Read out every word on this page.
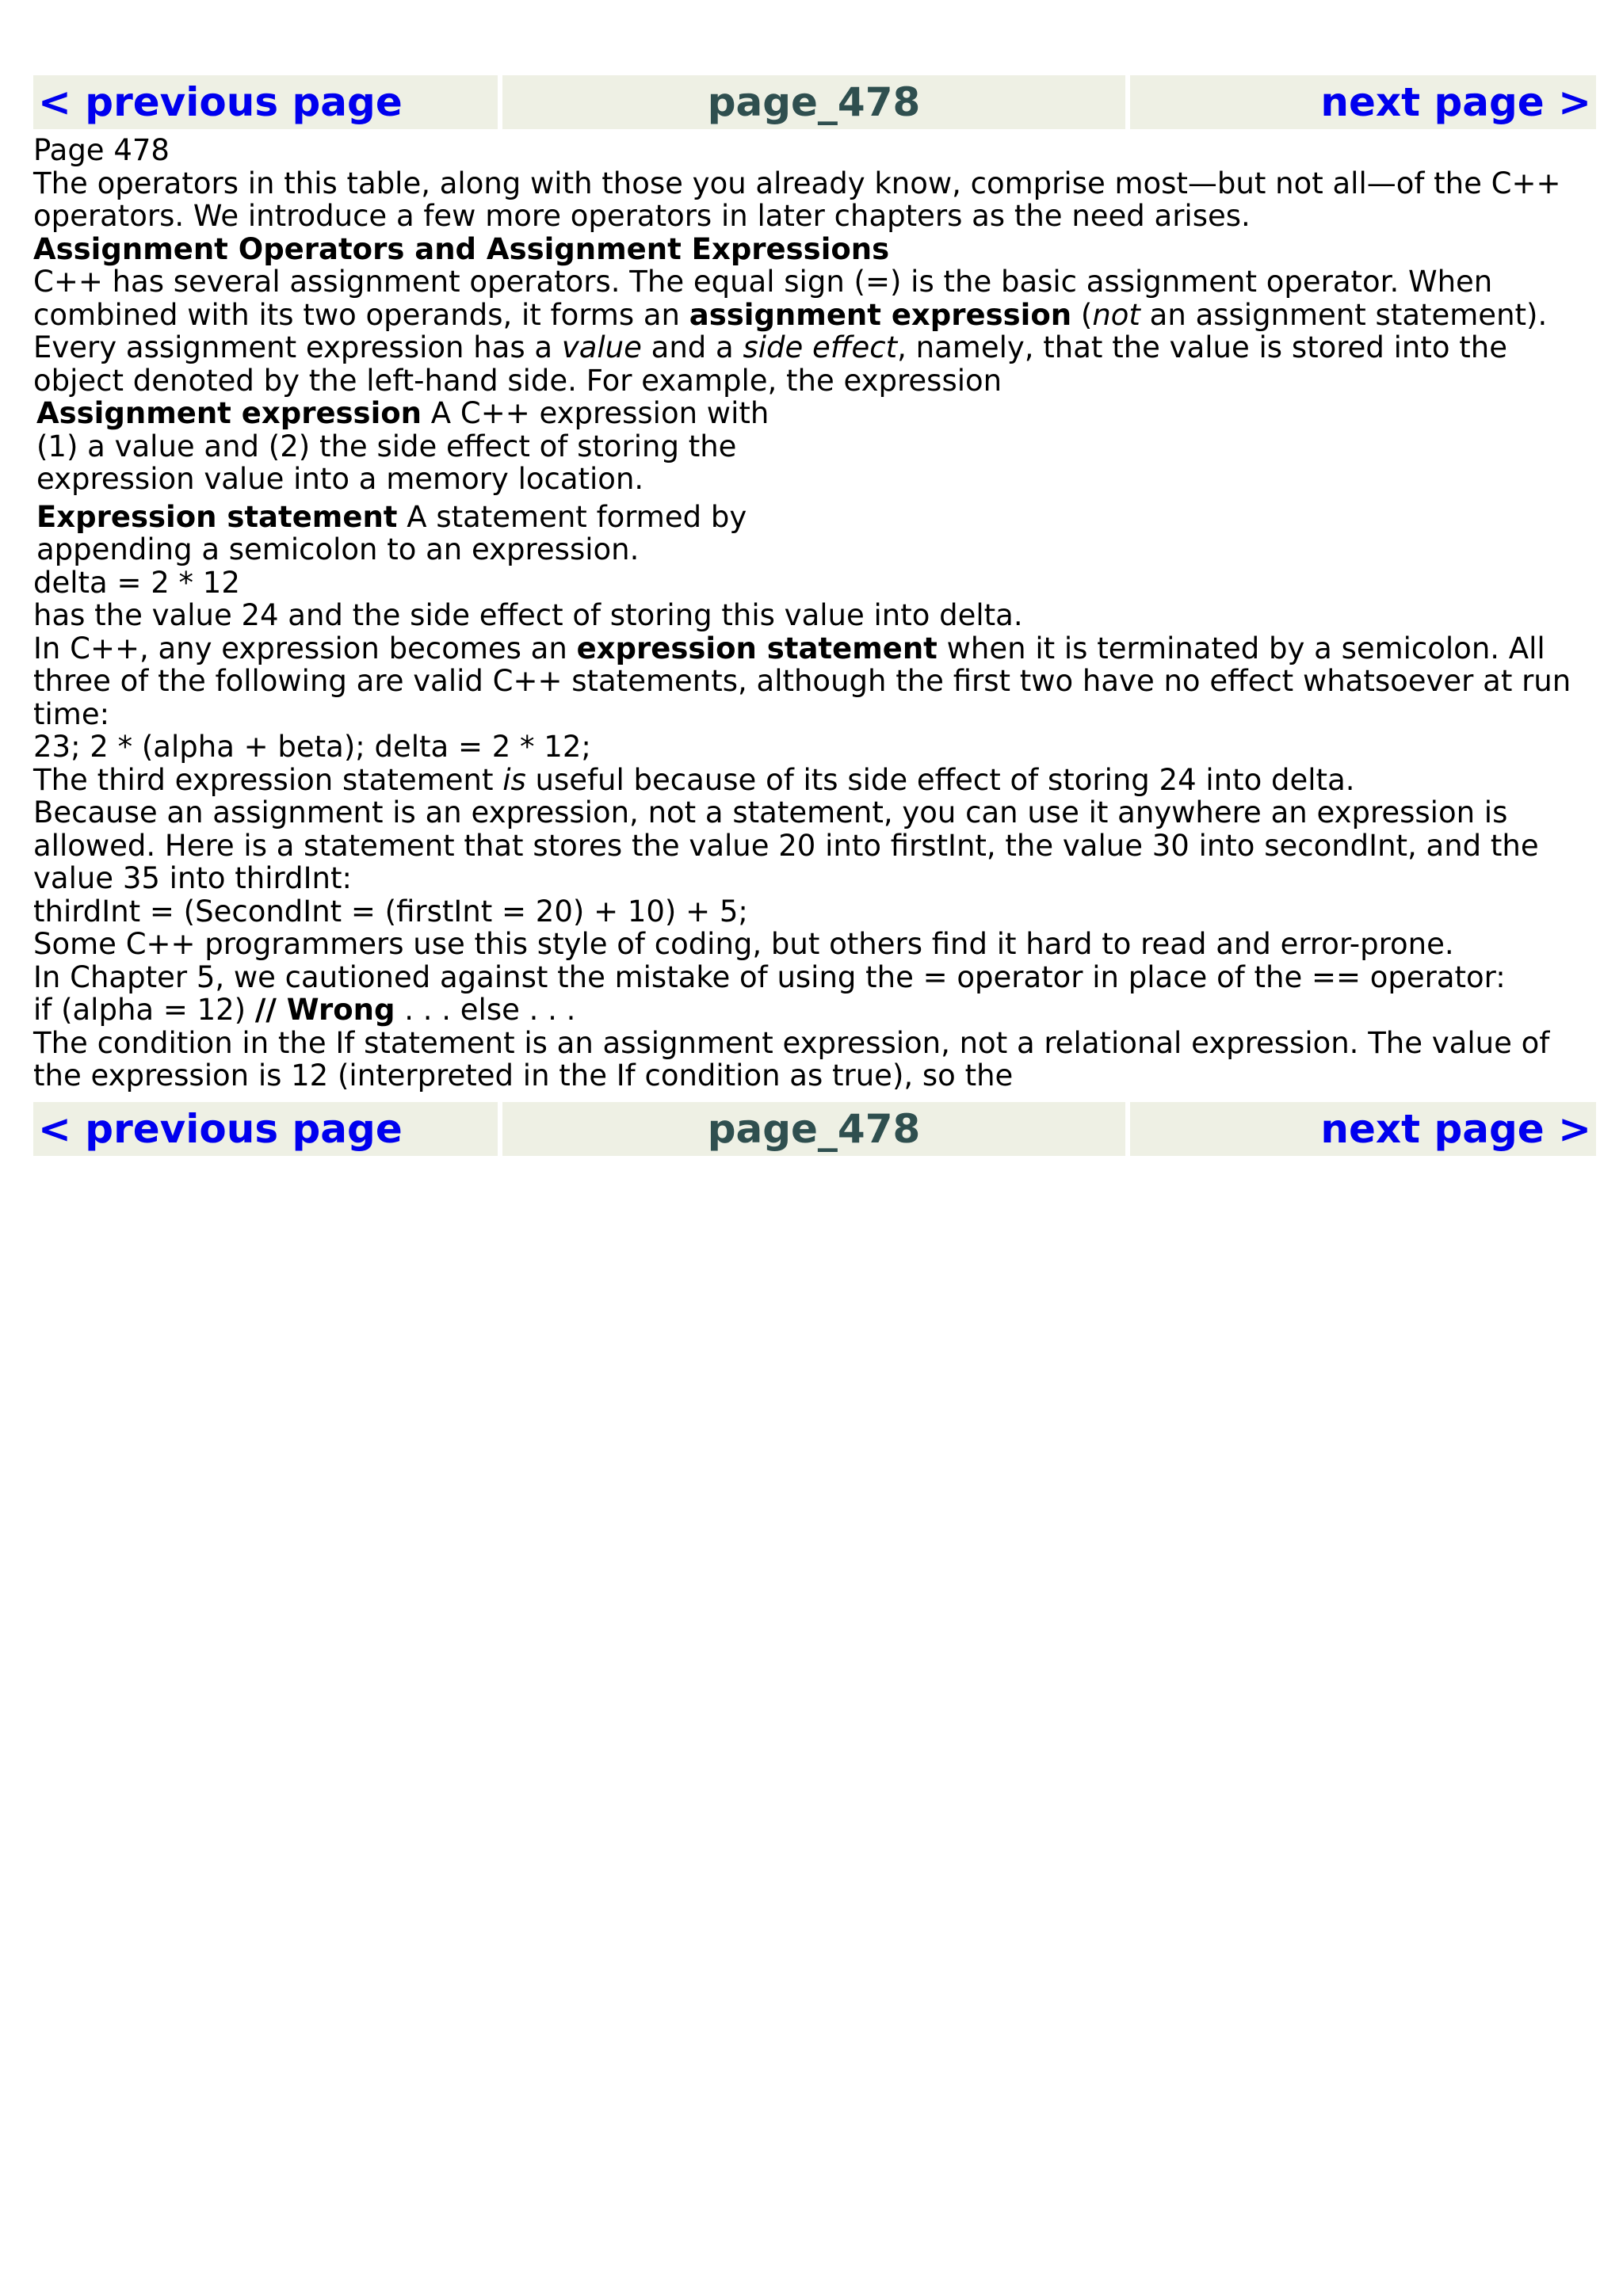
< previous page	page_478	next page >

Page 478

The operators in this table, along with those you already know, comprise most—but not all—of the C++ operators. We introduce a few more operators in later chapters as the need arises.

Assignment Operators and Assignment Expressions

C++ has several assignment operators. The equal sign (=) is the basic assignment operator. When combined with its two operands, it forms an assignment expression (not an assignment statement). Every assignment expression has a value and a side effect, namely, that the value is stored into the object denoted by the left-hand side. For example, the expression

Assignment expression A C++ expression with (1) a value and (2) the side effect of storing the expression value into a memory location.

Expression statement A statement formed by appending a semicolon to an expression.

delta = 2 * 12

has the value 24 and the side effect of storing this value into delta.

In C++, any expression becomes an expression statement when it is terminated by a semicolon. All three of the following are valid C++ statements, although the first two have no effect whatsoever at run time:

23; 2 * (alpha + beta); delta = 2 * 12;

The third expression statement is useful because of its side effect of storing 24 into delta.

Because an assignment is an expression, not a statement, you can use it anywhere an expression is allowed. Here is a statement that stores the value 20 into firstInt, the value 30 into secondInt, and the value 35 into thirdInt:

thirdInt = (SecondInt = (firstInt = 20) + 10) + 5;

Some C++ programmers use this style of coding, but others find it hard to read and error-prone.

In Chapter 5, we cautioned against the mistake of using the = operator in place of the == operator:

if (alpha = 12) // Wrong . . . else . . .

The condition in the If statement is an assignment expression, not a relational expression. The value of the expression is 12 (interpreted in the If condition as true), so the

< previous page	page_478	next page >
